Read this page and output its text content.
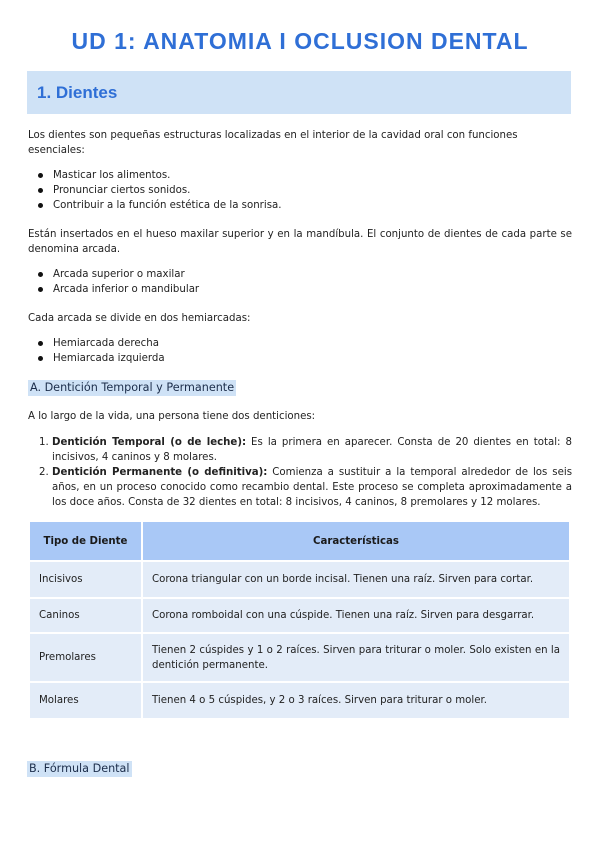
UD 1: ANATOMIA I OCLUSION DENTAL
1. Dientes

Los dientes son pequeñas estructuras localizadas en el interior de la cavidad oral con funciones esenciales:

Masticar los alimentos.
Pronunciar ciertos sonidos.
Contribuir a la función estética de la sonrisa.

Están insertados en el hueso maxilar superior y en la mandíbula. El conjunto de dientes de cada parte se denomina arcada.

Arcada superior o maxilar
Arcada inferior o mandibular

Cada arcada se divide en dos hemiarcadas:

Hemiarcada derecha
Hemiarcada izquierda
A. Dentición Temporal y Permanente

A lo largo de la vida, una persona tiene dos denticiones:

1. Dentición Temporal (o de leche): Es la primera en aparecer. Consta de 20 dientes en total: 8 incisivos, 4 caninos y 8 molares.
2. Dentición Permanente (o definitiva): Comienza a sustituir a la temporal alrededor de los seis años, en un proceso conocido como recambio dental. Este proceso se completa aproximadamente a los doce años. Consta de 32 dientes en total: 8 incisivos, 4 caninos, 8 premolares y 12 molares.
Tipo de Diente	Características
Incisivos	Corona triangular con un borde incisal. Tienen una raíz. Sirven para cortar.
Caninos	Corona romboidal con una cúspide. Tienen una raíz. Sirven para desgarrar.
Premolares	Tienen 2 cúspides y 1 o 2 raíces. Sirven para triturar o moler. Solo existen en la dentición permanente.
Molares	Tienen 4 o 5 cúspides, y 2 o 3 raíces. Sirven para triturar o moler.
B. Fórmula Dental
